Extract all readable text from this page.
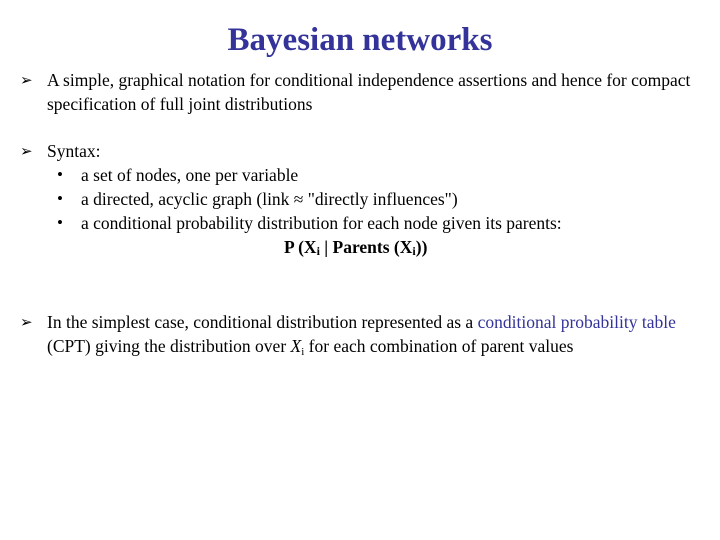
Bayesian networks
➢ A simple, graphical notation for conditional independence assertions and hence for compact specification of full joint distributions
➢ Syntax:
• a set of nodes, one per variable
• a directed, acyclic graph (link ≈ "directly influences")
• a conditional probability distribution for each node given its parents:
P ($X_i$ | Parents $(X_i)$)
➢ In the simplest case, conditional distribution represented as a conditional probability table (CPT) giving the distribution over $X_i$ for each combination of parent values
